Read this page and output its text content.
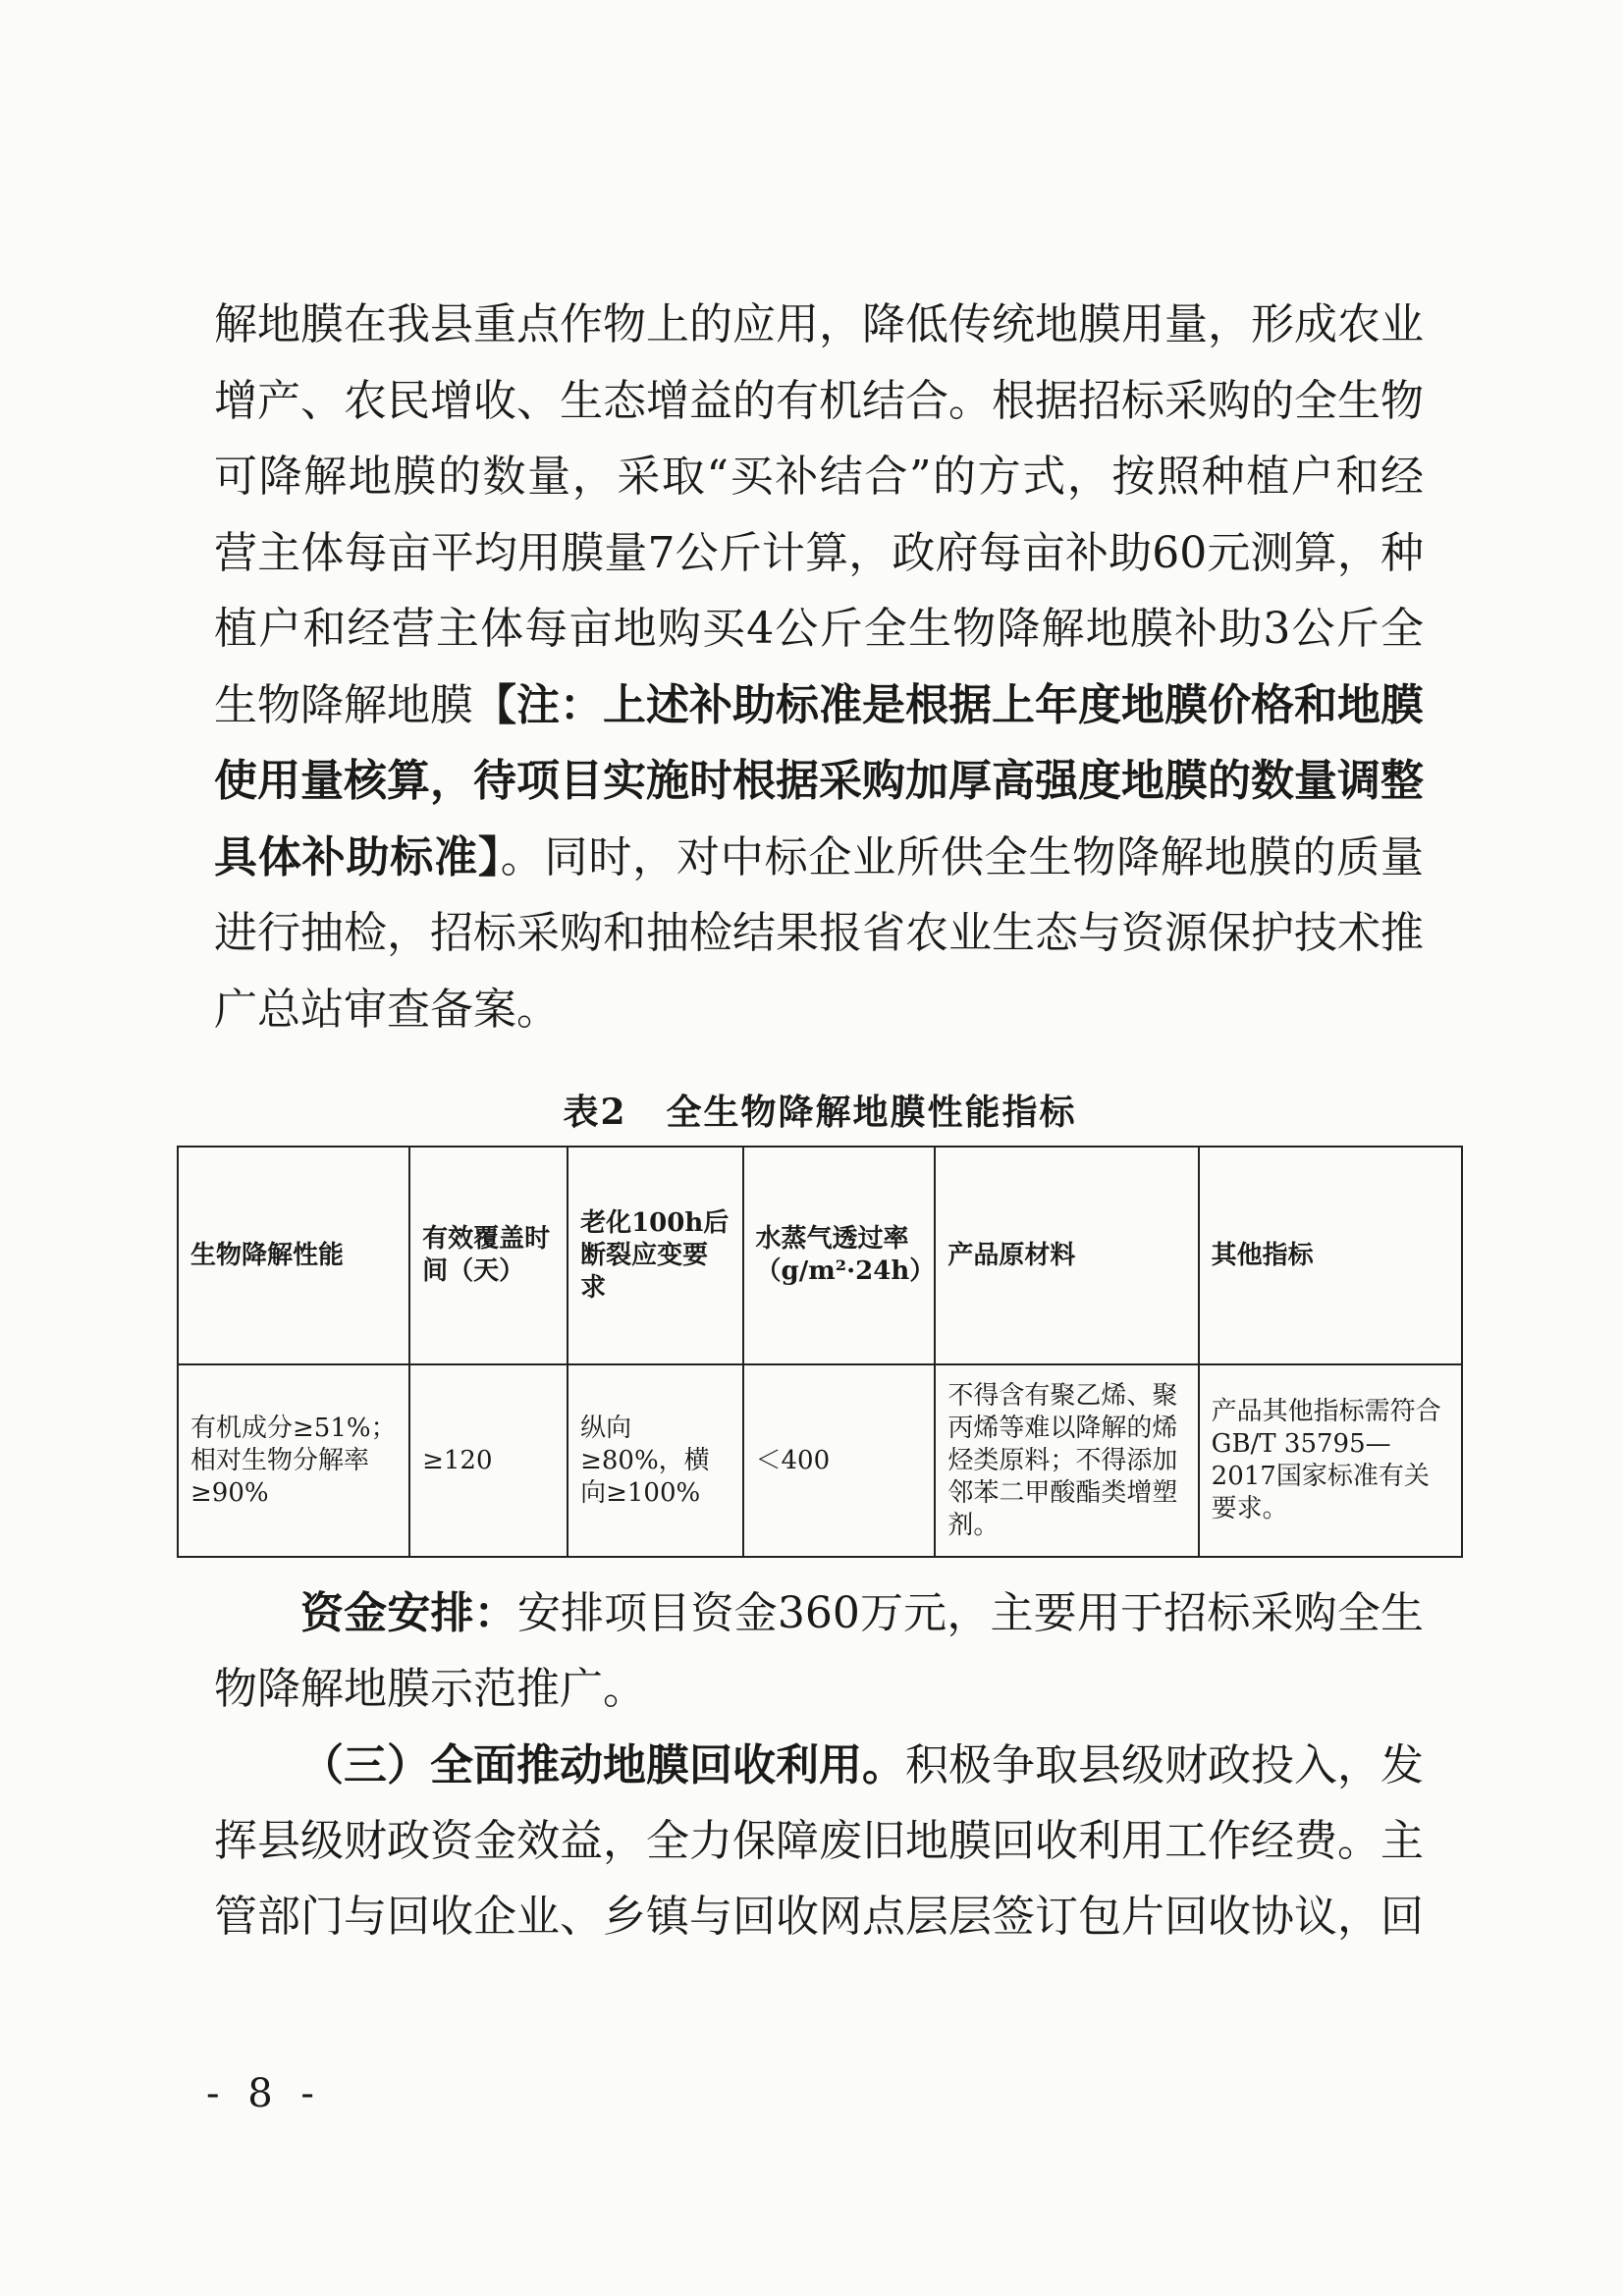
解地膜在我县重点作物上的应用，降低传统地膜用量，形成农业增产、农民增收、生态增益的有机结合。根据招标采购的全生物可降解地膜的数量，采取“买补结合”的方式，按照种植户和经营主体每亩平均用膜量7公斤计算，政府每亩补助60元测算，种植户和经营主体每亩地购买4公斤全生物降解地膜补助3公斤全生物降解地膜【注：上述补助标准是根据上年度地膜价格和地膜使用量核算，待项目实施时根据采购加厚高强度地膜的数量调整具体补助标准】。同时，对中标企业所供全生物降解地膜的质量进行抽检，招标采购和抽检结果报省农业生态与资源保护技术推广总站审查备案。

表2 全生物降解地膜性能指标
生物降解性能	有效覆盖时间（天）	老化100h后断裂应变要求	水蒸气透过率（g/m²·24h）	产品原材料	其他指标
有机成分≥51%；相对生物分解率≥90%	≥120	纵向≥80%，横向≥100%	＜400	不得含有聚乙烯、聚丙烯等难以降解的烯烃类原料；不得添加邻苯二甲酸酯类增塑剂。	产品其他指标需符合GB/T 35795—2017国家标准有关要求。

资金安排：安排项目资金360万元，主要用于招标采购全生物降解地膜示范推广。

（三）全面推动地膜回收利用。积极争取县级财政投入，发挥县级财政资金效益，全力保障废旧地膜回收利用工作经费。主管部门与回收企业、乡镇与回收网点层层签订包片回收协议，回

- 8 -
